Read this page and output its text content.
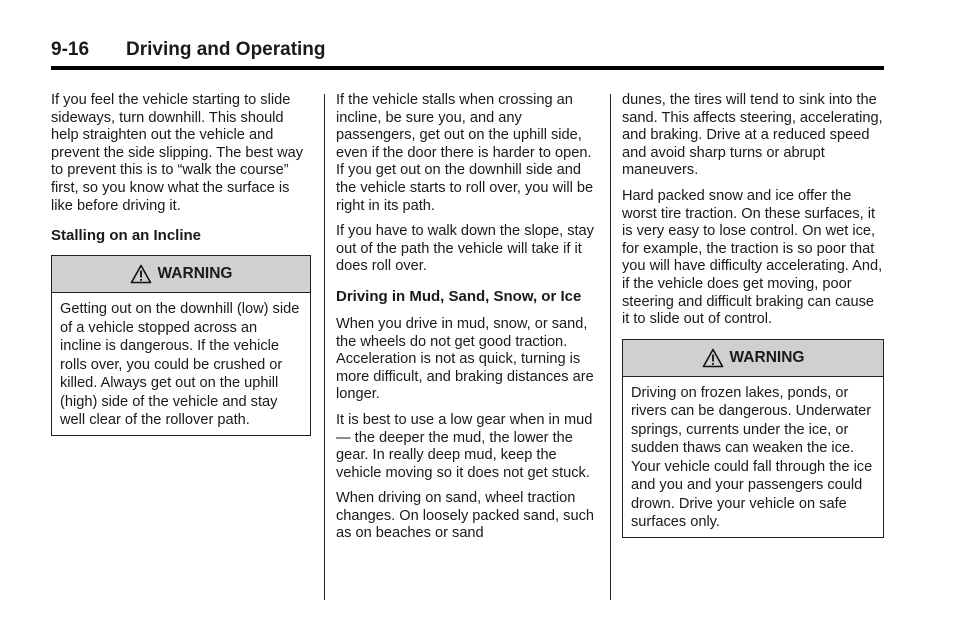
9-16 Driving and Operating

If you feel the vehicle starting to slide sideways, turn downhill. This should help straighten out the vehicle and prevent the side slipping. The best way to prevent this is to “walk the course” first, so you know what the surface is like before driving it.

Stalling on an Incline
WARNING
Getting out on the downhill (low) side of a vehicle stopped across an incline is dangerous. If the vehicle rolls over, you could be crushed or killed. Always get out on the uphill (high) side of the vehicle and stay well clear of the rollover path.

If the vehicle stalls when crossing an incline, be sure you, and any passengers, get out on the uphill side, even if the door there is harder to open. If you get out on the downhill side and the vehicle starts to roll over, you will be right in its path.

If you have to walk down the slope, stay out of the path the vehicle will take if it does roll over.

Driving in Mud, Sand, Snow, or Ice

When you drive in mud, snow, or sand, the wheels do not get good traction. Acceleration is not as quick, turning is more difficult, and braking distances are longer.

It is best to use a low gear when in mud — the deeper the mud, the lower the gear. In really deep mud, keep the vehicle moving so it does not get stuck.

When driving on sand, wheel traction changes. On loosely packed sand, such as on beaches or sand

dunes, the tires will tend to sink into the sand. This affects steering, accelerating, and braking. Drive at a reduced speed and avoid sharp turns or abrupt maneuvers.

Hard packed snow and ice offer the worst tire traction. On these surfaces, it is very easy to lose control. On wet ice, for example, the traction is so poor that you will have difficulty accelerating. And, if the vehicle does get moving, poor steering and difficult braking can cause it to slide out of control.

WARNING
Driving on frozen lakes, ponds, or rivers can be dangerous. Underwater springs, currents under the ice, or sudden thaws can weaken the ice. Your vehicle could fall through the ice and you and your passengers could drown. Drive your vehicle on safe surfaces only.
